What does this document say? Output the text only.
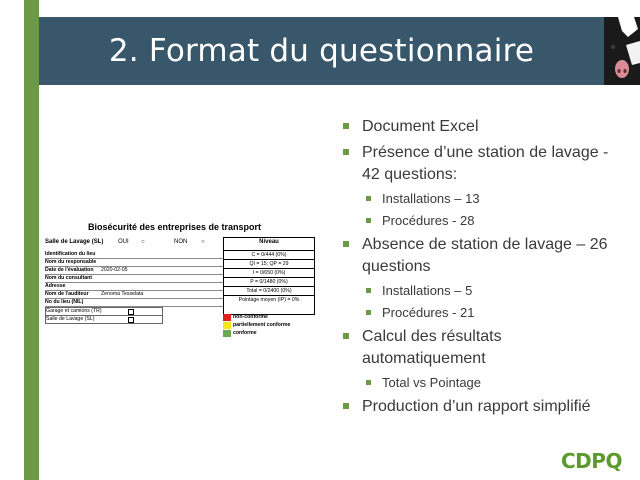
2. Format du questionnaire
Biosécurité des entreprises de transport
Salle de Lavage (SL) OUI ○	NON ○
Identification du lieu
Nom du responsable
Date de l'évaluation 2020-02-05
Nom du consultant
Adresse
Nom de l'auditeur Zenoma Tesselata
No du lieu (NIL)
Garage et camions (TR)
Salle de Lavage (SL)
Niveau
C = 0/444 (0%)
QI = 15; QP = 29
I = 0/650 (0%)
P = 0/1480 (0%)
Total = 0/2400 (0%)
Pointage moyen (IP) = 0%
non-conforme
partiellement conforme
conforme
Document Excel
Présence d’une station de lavage - 42 questions:
Installations – 13
Procédures - 28
Absence de station de lavage – 26 questions
Installations – 5
Procédures - 21
Calcul des résultats automatiquement
Total vs Pointage
Production d’un rapport simplifié
CDPQ
